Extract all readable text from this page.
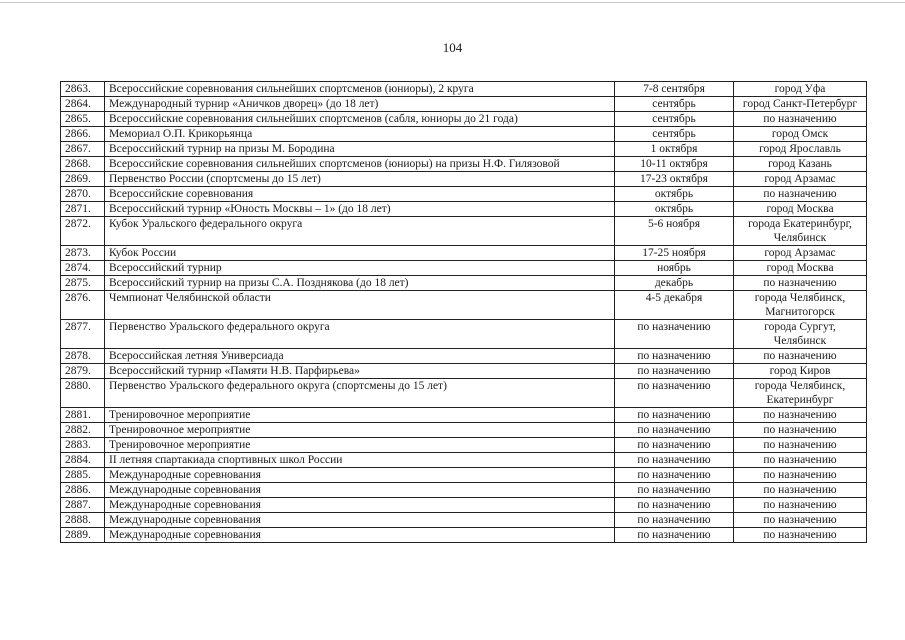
104
2863.	Всероссийские соревнования сильнейших спортсменов (юниоры), 2 круга	7-8 сентября	город Уфа
2864.	Международный турнир «Аничков дворец» (до 18 лет)	сентябрь	город Санкт-Петербург
2865.	Всероссийские соревнования сильнейших спортсменов (сабля, юниоры до 21 года)	сентябрь	по назначению
2866.	Мемориал О.П. Крикорьянца	сентябрь	город Омск
2867.	Всероссийский турнир на призы М. Бородина	1 октября	город Ярославль
2868.	Всероссийские соревнования сильнейших спортсменов (юниоры) на призы Н.Ф. Гилязовой	10-11 октября	город Казань
2869.	Первенство России (спортсмены до 15 лет)	17-23 октября	город Арзамас
2870.	Всероссийские соревнования	октябрь	по назначению
2871.	Всероссийский турнир «Юность Москвы – 1» (до 18 лет)	октябрь	город Москва
2872.	Кубок Уральского федерального округа	5-6 ноября	города Екатеринбург, Челябинск
2873.	Кубок России	17-25 ноября	город Арзамас
2874.	Всероссийский турнир	ноябрь	город Москва
2875.	Всероссийский турнир на призы С.А. Позднякова (до 18 лет)	декабрь	по назначению
2876.	Чемпионат Челябинской области	4-5 декабря	города Челябинск, Магнитогорск
2877.	Первенство Уральского федерального округа	по назначению	города Сургут, Челябинск
2878.	Всероссийская летняя Универсиада	по назначению	по назначению
2879.	Всероссийский турнир «Памяти Н.В. Парфирьева»	по назначению	город Киров
2880.	Первенство Уральского федерального округа (спортсмены до 15 лет)	по назначению	города Челябинск, Екатеринбург
2881.	Тренировочное мероприятие	по назначению	по назначению
2882.	Тренировочное мероприятие	по назначению	по назначению
2883.	Тренировочное мероприятие	по назначению	по назначению
2884.	II летняя спартакиада спортивных школ России	по назначению	по назначению
2885.	Международные соревнования	по назначению	по назначению
2886.	Международные соревнования	по назначению	по назначению
2887.	Международные соревнования	по назначению	по назначению
2888.	Международные соревнования	по назначению	по назначению
2889.	Международные соревнования	по назначению	по назначению
